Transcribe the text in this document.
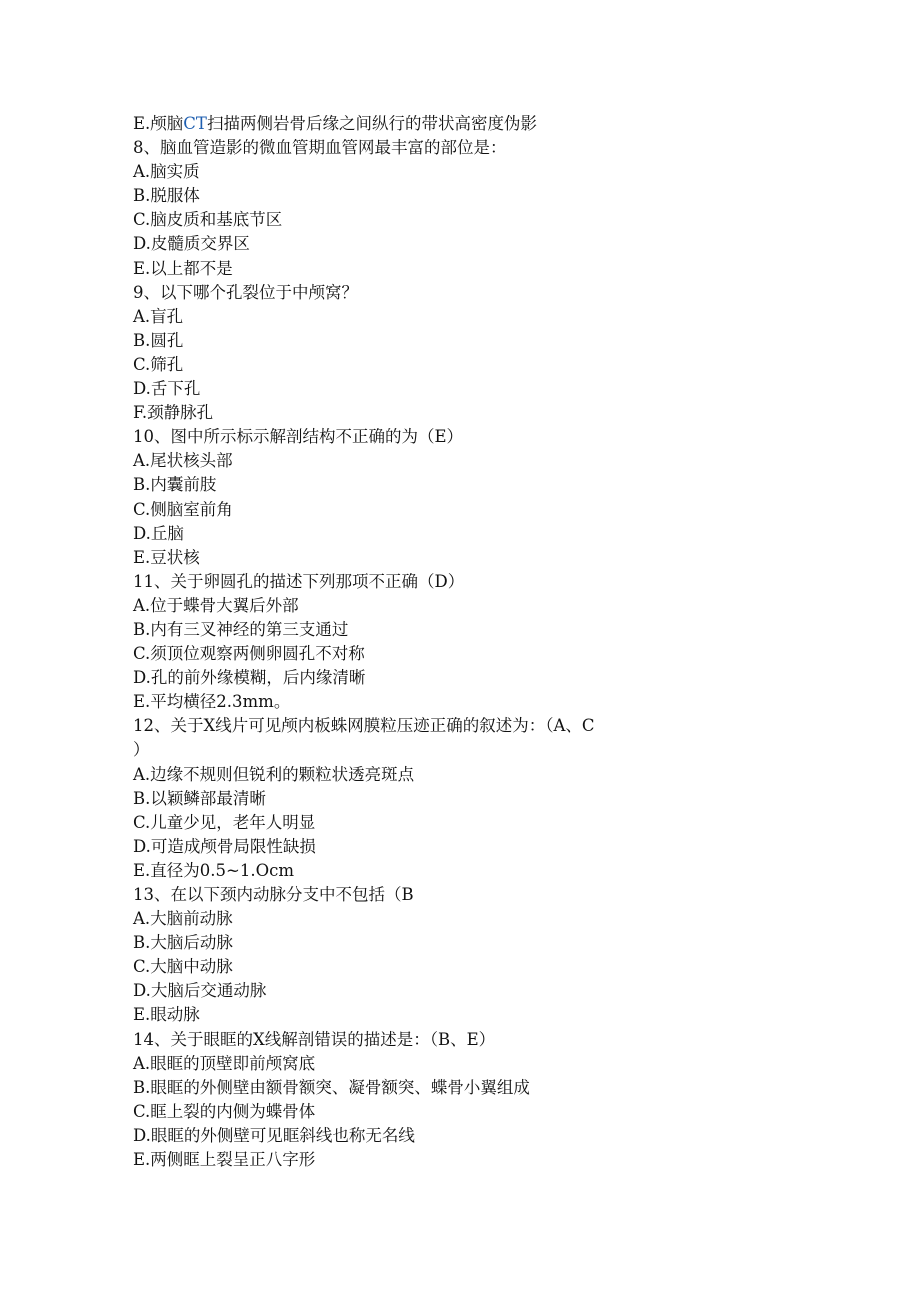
E.颅脑CT扫描两侧岩骨后缘之间纵行的带状高密度伪影
8、脑血管造影的微血管期血管网最丰富的部位是：
A.脑实质
B.脱服体
C.脑皮质和基底节区
D.皮髓质交界区
E.以上都不是
9、以下哪个孔裂位于中颅窝？
A.盲孔
B.圆孔
C.筛孔
D.舌下孔
F.颈静脉孔
10、图中所示标示解剖结构不正确的为（E）
A.尾状核头部
B.内囊前肢
C.侧脑室前角
D.丘脑
E.豆状核
11、关于卵圆孔的描述下列那项不正确（D）
A.位于蝶骨大翼后外部
B.内有三叉神经的第三支通过
C.须顶位观察两侧卵圆孔不对称
D.孔的前外缘模糊，后内缘清晰
E.平均横径2.3mm。
12、关于X线片可见颅内板蛛网膜粒压迹正确的叙述为：（A、C
）
A.边缘不规则但锐利的颗粒状透亮斑点
B.以颖鳞部最清晰
C.儿童少见，老年人明显
D.可造成颅骨局限性缺损
E.直径为0.5~1.Ocm
13、在以下颈内动脉分支中不包括（B
A.大脑前动脉
B.大脑后动脉
C.大脑中动脉
D.大脑后交通动脉
E.眼动脉
14、关于眼眶的X线解剖错误的描述是：（B、E）
A.眼眶的顶壁即前颅窝底
B.眼眶的外侧壁由额骨额突、凝骨额突、蝶骨小翼组成
C.眶上裂的内侧为蝶骨体
D.眼眶的外侧壁可见眶斜线也称无名线
E.两侧眶上裂呈正八字形
